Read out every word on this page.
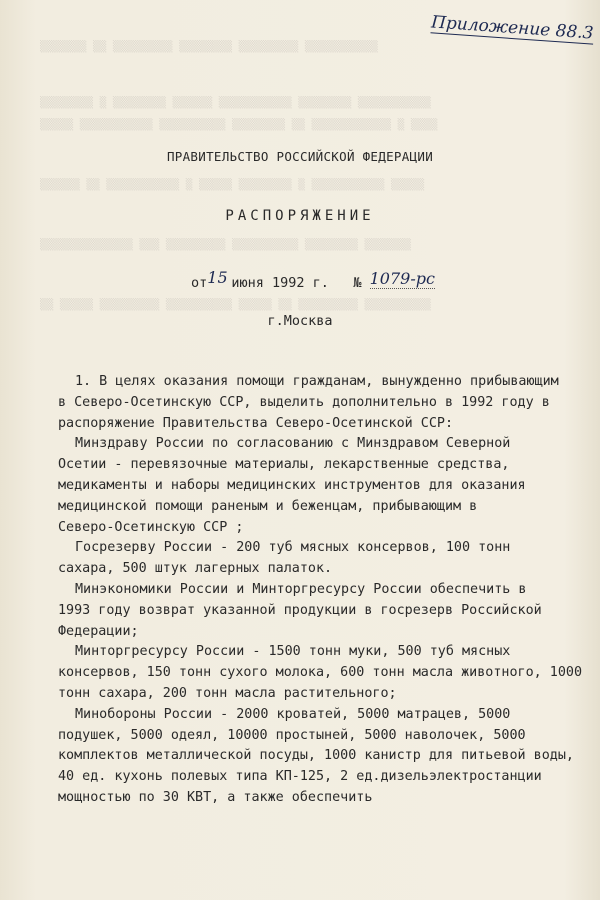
▒▒▒▒▒▒▒ ▒▒ ▒▒▒▒▒▒▒▒▒ ▒▒▒▒▒▒▒▒ ▒▒▒▒▒▒▒▒▒ ▒▒▒▒▒▒▒▒▒▒▒
▒▒▒▒▒▒▒▒ ▒ ▒▒▒▒▒▒▒▒ ▒▒▒▒▒▒ ▒▒▒▒▒▒▒▒▒▒▒ ▒▒▒▒▒▒▒▒ ▒▒▒▒▒▒▒▒▒▒▒
▒▒▒▒▒ ▒▒▒▒▒▒▒▒▒▒▒ ▒▒▒▒▒▒▒▒▒▒ ▒▒▒▒▒▒▒▒ ▒▒ ▒▒▒▒▒▒▒▒▒▒▒▒ ▒ ▒▒▒▒
▒▒▒▒▒▒ ▒▒ ▒▒▒▒▒▒▒▒▒▒▒ ▒ ▒▒▒▒▒ ▒▒▒▒▒▒▒▒ ▒ ▒▒▒▒▒▒▒▒▒▒▒ ▒▒▒▒▒
▒▒▒▒▒▒▒▒▒▒▒▒▒▒ ▒▒▒ ▒▒▒▒▒▒▒▒▒ ▒▒▒▒▒▒▒▒▒▒ ▒▒▒▒▒▒▒▒ ▒▒▒▒▒▒▒
▒▒ ▒▒▒▒▒ ▒▒▒▒▒▒▒▒▒ ▒▒▒▒▒▒▒▒▒▒ ▒▒▒▒▒ ▒▒ ▒▒▒▒▒▒▒▒▒ ▒▒▒▒▒▒▒▒▒▒
Приложение 88.3
ПРАВИТЕЛЬСТВО РОССИЙСКОЙ ФЕДЕРАЦИИ
РАСПОРЯЖЕНИЕ
от15 июня 1992 г. № 1079-рс
г.Москва
1. В целях оказания помощи гражданам, вынужденно прибывающим
в Северо-Осетинскую ССР, выделить дополнительно в 1992 году в
распоряжение Правительства Северо-Осетинской ССР:
Минздраву России по согласованию с Минздравом Северной
Осетии - перевязочные материалы, лекарственные средства,
медикаменты и наборы медицинских инструментов для оказания
медицинской помощи раненым и беженцам, прибывающим в
Северо-Осетинскую ССР ;
Госрезерву России - 200 туб мясных консервов, 100 тонн
сахара, 500 штук лагерных палаток.
Минэкономики России и Минторгресурсу России обеспечить в
1993 году возврат указанной продукции в госрезерв Российской
Федерации;
Минторгресурсу России - 1500 тонн муки, 500 туб мясных
консервов, 150 тонн сухого молока, 600 тонн масла животного, 1000
тонн сахара, 200 тонн масла растительного;
Минобороны России - 2000 кроватей, 5000 матрацев, 5000
подушек, 5000 одеял, 10000 простыней, 5000 наволочек, 5000
комплектов металлической посуды, 1000 канистр для питьевой воды,
40 ед. кухонь полевых типа КП-125, 2 ед.дизельэлектростанции
мощностью по 30 КВТ, а также обеспечить
